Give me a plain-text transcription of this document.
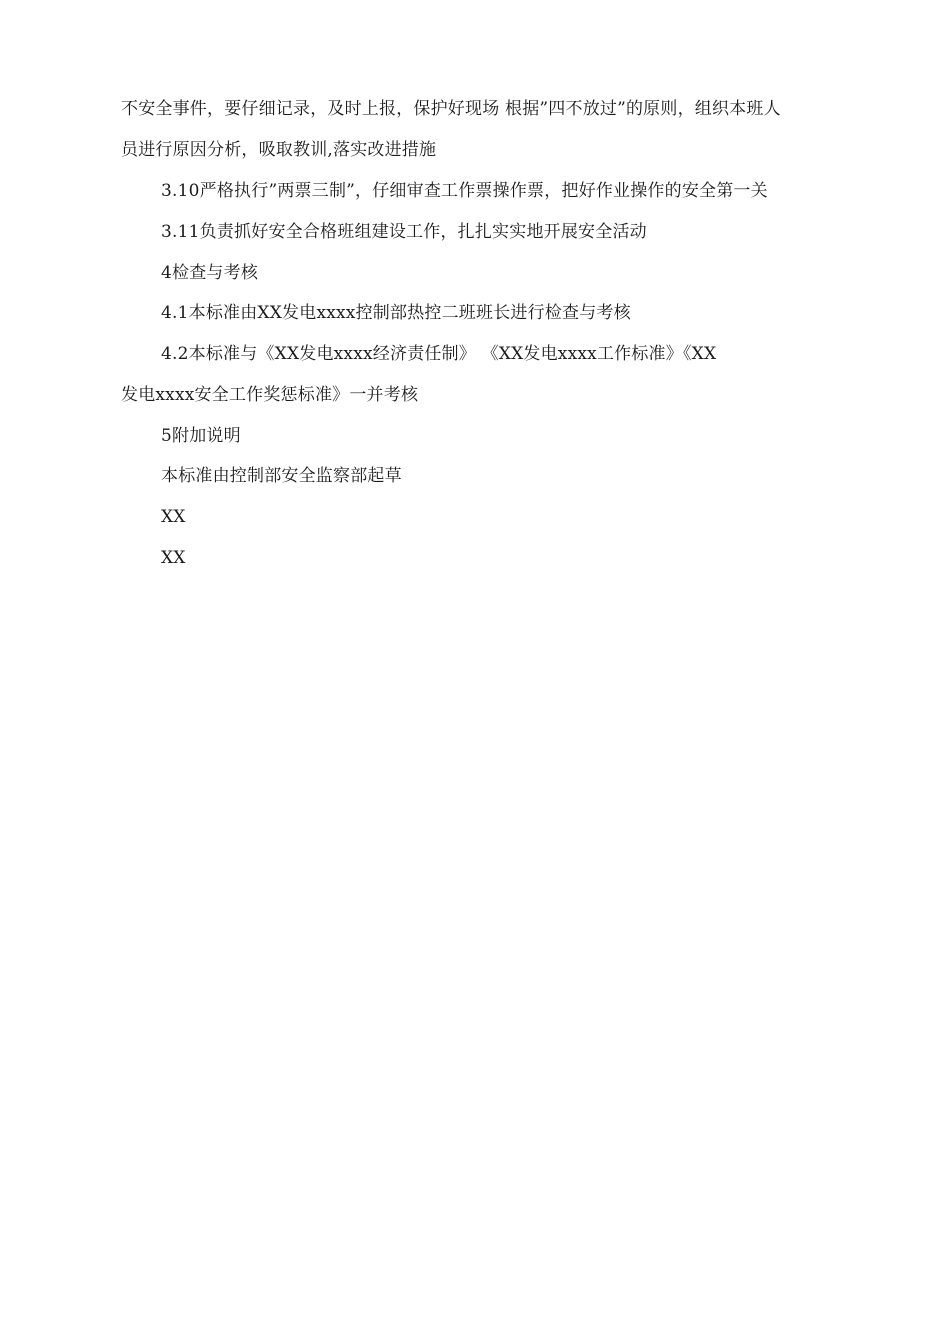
不安全事件，要仔细记录，及时上报，保护好现场 根据”四不放过”的原则，组织本班人
员进行原因分析，吸取教训,落实改进措施
3.10严格执行”两票三制”，仔细审查工作票操作票，把好作业操作的安全第一关
3.11负责抓好安全合格班组建设工作，扎扎实实地开展安全活动
4检查与考核
4.1本标准由XX发电xxxx控制部热控二班班长进行检查与考核
4.2本标准与《XX发电xxxx经济责任制》 《XX发电xxxx工作标准》《XX
发电xxxx安全工作奖惩标准》一并考核
5附加说明
本标准由控制部安全监察部起草
XX
XX
